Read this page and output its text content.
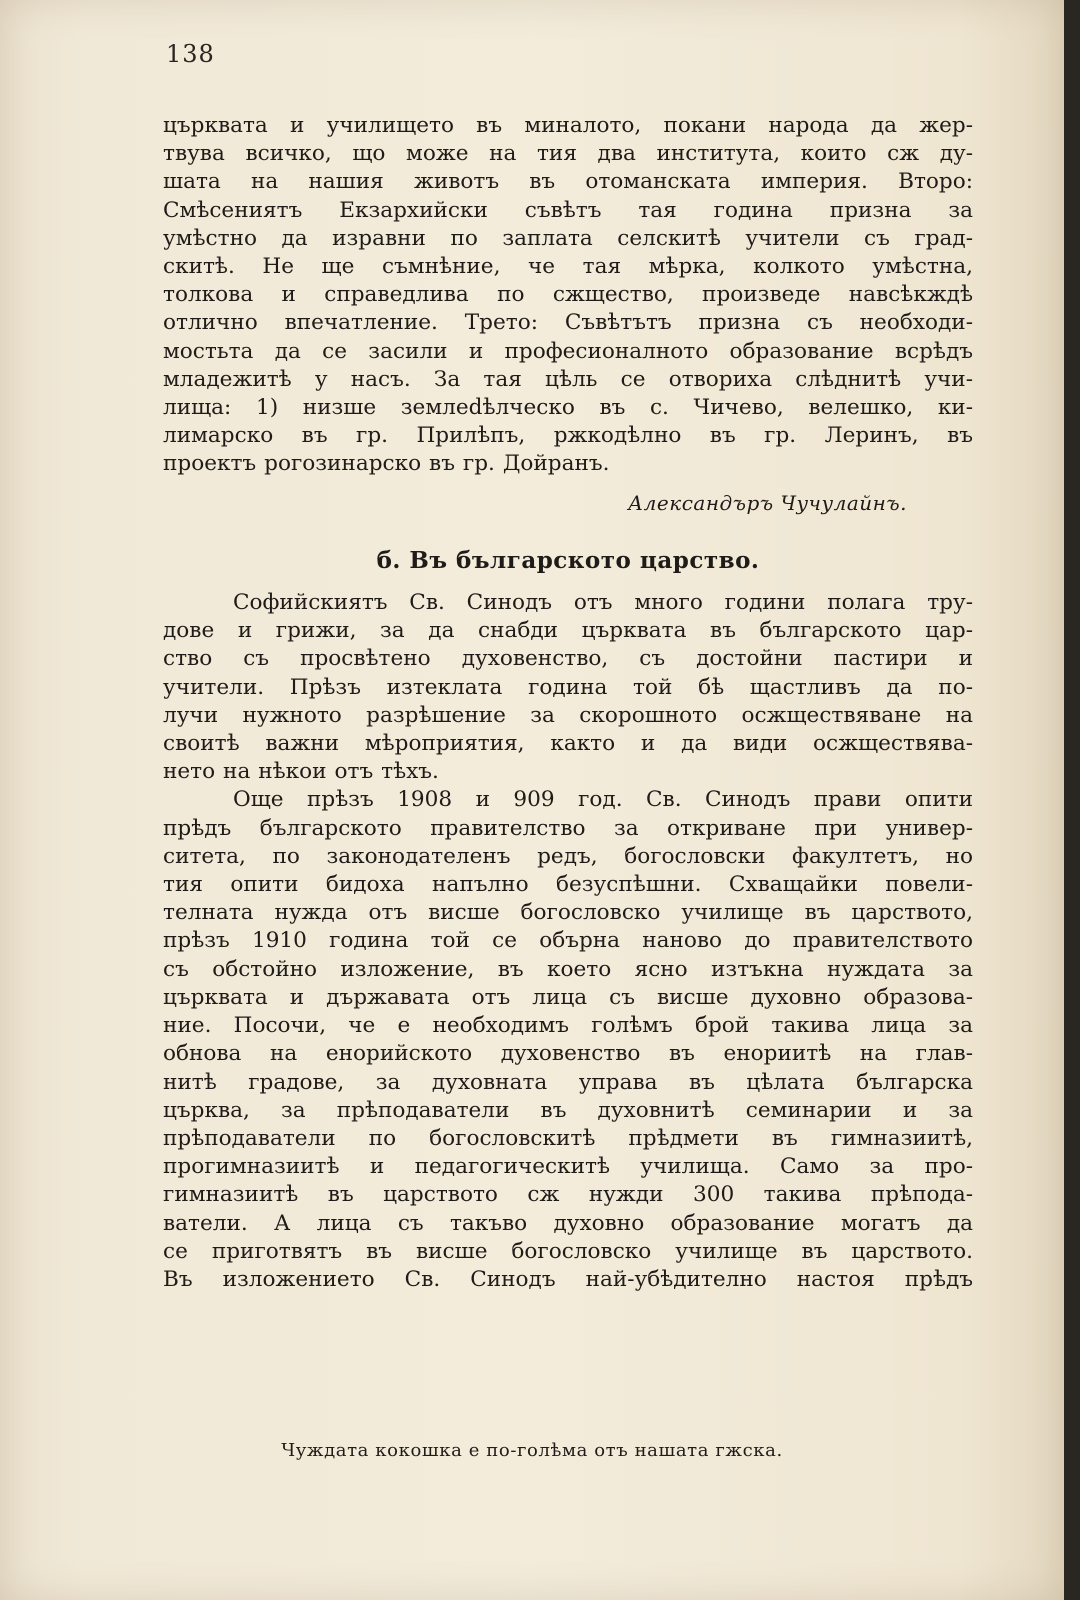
138

църквата и училището въ миналото, покани народа да жер-
твува всичко, що може на тия два института, които сж ду-
шата на нашия животъ въ отоманската империя. Второ:
Смѣсениятъ Екзархийски съвѣтъ тая година призна за
умѣстно да изравни по заплата селскитѣ учители съ град-
скитѣ. Не ще съмнѣние, че тая мѣрка, колкото умѣстна,
толкова и справедлива по сжщество, произведе навсѣкждѣ
отлично впечатление. Трето: Съвѣтътъ призна съ необходи-
мостьта да се засили и професионалното образование всрѣдъ
младежитѣ у насъ. За тая цѣль се отвориха слѣднитѣ учи-
лища: 1) низше землedѣлческо въ с. Чичево, велешко, ки-
лимарско въ гр. Прилѣпъ, ржкодѣлно въ гр. Леринъ, въ
проектъ рогозинарско въ гр. Дойранъ.

Александъръ Чучулайнъ.
б. Въ българското царство.

Софийскиятъ Св. Синодъ отъ много години полага тру-
дове и грижи, за да снабди църквата въ българското цар-
ство съ просвѣтено духовенство, съ достойни пастири и
учители. Прѣзъ изтеклата година той бѣ щастливъ да по-
лучи нужното разрѣшение за скорошното осжществяване на
своитѣ важни мѣроприятия, както и да види осжществява-
нето на нѣкои отъ тѣхъ.

Още прѣзъ 1908 и 909 год. Св. Синодъ прави опити
прѣдъ българското правителство за откриване при универ-
ситета, по законодателенъ редъ, богословски факултетъ, но
тия опити бидоха напълно безуспѣшни. Схващайки повели-
телната нужда отъ висше богословско училище въ царството,
прѣзъ 1910 година той се обърна наново до правителството
съ обстойно изложение, въ което ясно изтъкна нуждата за
църквата и държавата отъ лица съ висше духовно образова-
ние. Посочи, че е необходимъ голѣмъ брой такива лица за
обнова на енорийското духовенство въ енориитѣ на глав-
нитѣ градове, за духовната управа въ цѣлата българска
църква, за прѣподаватели въ духовнитѣ семинарии и за
прѣподаватели по богословскитѣ прѣдмети въ гимназиитѣ,
прогимназиитѣ и педагогическитѣ училища. Само за про-
гимназиитѣ въ царството сж нужди 300 такива прѣпода-
ватели. А лица съ такъво духовно образование могатъ да
се приготвятъ въ висше богословско училище въ царството.
Въ изложението Св. Синодъ най-убѣдително настоя прѣдъ

Чуждата кокошка е по-голѣма отъ нашата гжска.
